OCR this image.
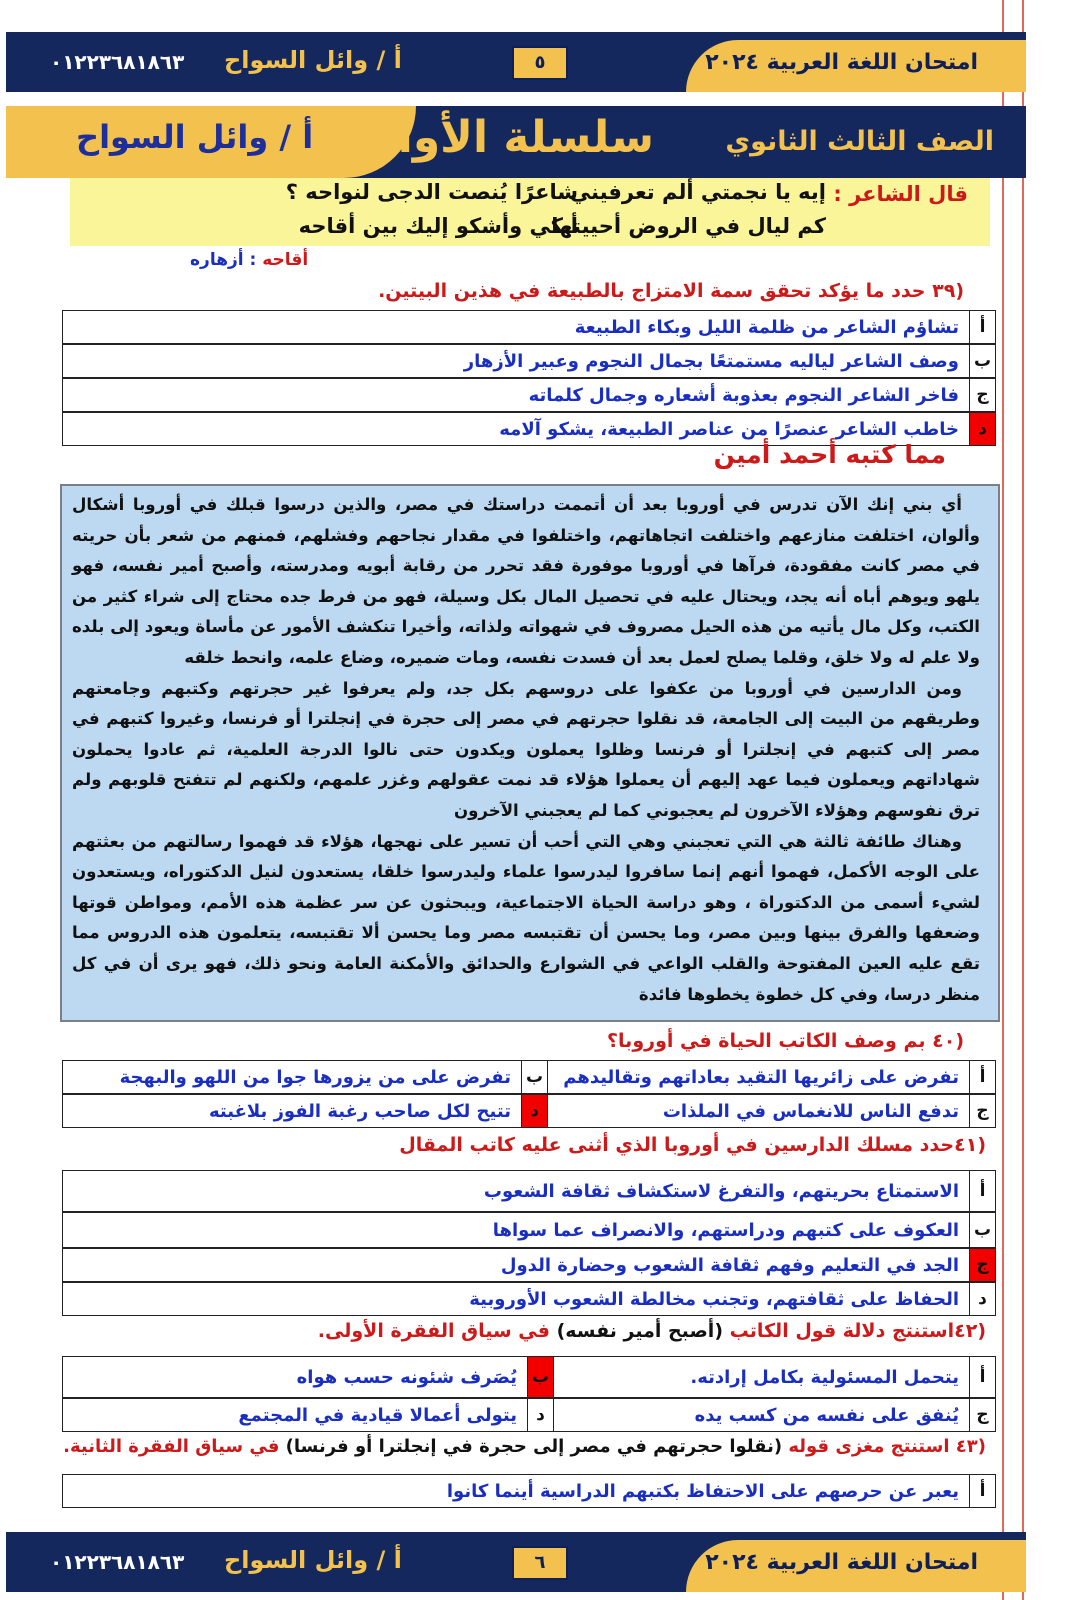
امتحان اللغة العربية ٢٠٢٤
٥
أ / وائل السواح
٠١٢٢٣٦٨١٨٦٣
الصف الثالث الثانوي
سلسلة الأوائل
أ / وائل السواح
قال الشاعر :
إيه يا نجمتي ألم تعرفيني
شاعرًا يُنصت الدجى لنواحه ؟
كم ليال في الروض أحييتها
أبكي وأشكو إليك بين أقاحه
أقاحه : أزهاره
(٣٩ حدد ما يؤكد تحقق سمة الامتزاج بالطبيعة في هذين البيتين.
أ
تشاؤم الشاعر من ظلمة الليل وبكاء الطبيعة
ب
وصف الشاعر لياليه مستمتعًا بجمال النجوم وعبير الأزهار
ج
فاخر الشاعر النجوم بعذوبة أشعاره وجمال كلماته
د
خاطب الشاعر عنصرًا من عناصر الطبيعة، يشكو آلامه
مما كتبه أحمد أمين

أي بني إنك الآن تدرس في أوروبا بعد أن أتممت دراستك في مصر، والذين درسوا قبلك في أوروبا أشكال وألوان، اختلفت منازعهم واختلفت اتجاهاتهم، واختلفوا في مقدار نجاحهم وفشلهم، فمنهم من شعر بأن حريته في مصر كانت مفقودة، فرآها في أوروبا موفورة فقد تحرر من رقابة أبويه ومدرسته، وأصبح أمير نفسه، فهو يلهو ويوهم أباه أنه يجد، ويحتال عليه في تحصيل المال بكل وسيلة، فهو من فرط جده محتاج إلى شراء كثير من الكتب، وكل مال يأتيه من هذه الحيل مصروف في شهواته ولذاته، وأخيرا تنكشف الأمور عن مأساة ويعود إلى بلده ولا علم له ولا خلق، وقلما يصلح لعمل بعد أن فسدت نفسه، ومات ضميره، وضاع علمه، وانحط خلقه

ومن الدارسين في أوروبا من عكفوا على دروسهم بكل جد، ولم يعرفوا غير حجرتهم وكتبهم وجامعتهم وطريقهم من البيت إلى الجامعة، قد نقلوا حجرتهم في مصر إلى حجرة في إنجلترا أو فرنسا، وغيروا كتبهم في مصر إلى كتبهم في إنجلترا أو فرنسا وظلوا يعملون ويكدون حتى نالوا الدرجة العلمية، ثم عادوا يحملون شهاداتهم ويعملون فيما عهد إليهم أن يعملوا هؤلاء قد نمت عقولهم وغزر علمهم، ولكنهم لم تتفتح قلوبهم ولم ترق نفوسهم وهؤلاء الآخرون لم يعجبوني كما لم يعجبني الآخرون

وهناك طائفة ثالثة هي التي تعجبني وهي التي أحب أن تسير على نهجها، هؤلاء قد فهموا رسالتهم من بعثتهم على الوجه الأكمل، فهموا أنهم إنما سافروا ليدرسوا علماء وليدرسوا خلقا، يستعدون لنيل الدكتوراه، ويستعدون لشيء أسمى من الدكتوراة ، وهو دراسة الحياة الاجتماعية، ويبحثون عن سر عظمة هذه الأمم، ومواطن قوتها وضعفها والفرق بينها وبين مصر، وما يحسن أن تقتبسه مصر وما يحسن ألا تقتبسه، يتعلمون هذه الدروس مما تقع عليه العين المفتوحة والقلب الواعي في الشوارع والحدائق والأمكنة العامة ونحو ذلك، فهو يرى أن في كل منظر درسا، وفي كل خطوة يخطوها فائدة

(٤٠ بم وصف الكاتب الحياة في أوروبا؟
أ
تفرض على زائريها التقيد بعاداتهم وتقاليدهم
ب
تفرض على من يزورها جوا من اللهو والبهجة
ج
تدفع الناس للانغماس في الملذات
د
تتيح لكل صاحب رغبة الفوز بلاغبته
(٤١حدد مسلك الدارسين في أوروبا الذي أثنى عليه كاتب المقال
أ
الاستمتاع بحريتهم، والتفرغ لاستكشاف ثقافة الشعوب
ب
العكوف على كتبهم ودراستهم، والانصراف عما سواها
ج
الجد في التعليم وفهم ثقافة الشعوب وحضارة الدول
د
الحفاظ على ثقافتهم، وتجنب مخالطة الشعوب الأوروبية
(٤٢استنتج دلالة قول الكاتب (أصبح أمير نفسه) في سياق الفقرة الأولى.
أ
يتحمل المسئولية بكامل إرادته.
ب
يُصَرف شئونه حسب هواه
ج
يُنفق على نفسه من كسب يده
د
يتولى أعمالا قيادية في المجتمع
(٤٣ استنتج مغزى قوله (نقلوا حجرتهم في مصر إلى حجرة في إنجلترا أو فرنسا) في سياق الفقرة الثانية.
أ
يعبر عن حرصهم على الاحتفاظ بكتبهم الدراسية أينما كانوا
امتحان اللغة العربية ٢٠٢٤
٦
أ / وائل السواح
٠١٢٢٣٦٨١٨٦٣
